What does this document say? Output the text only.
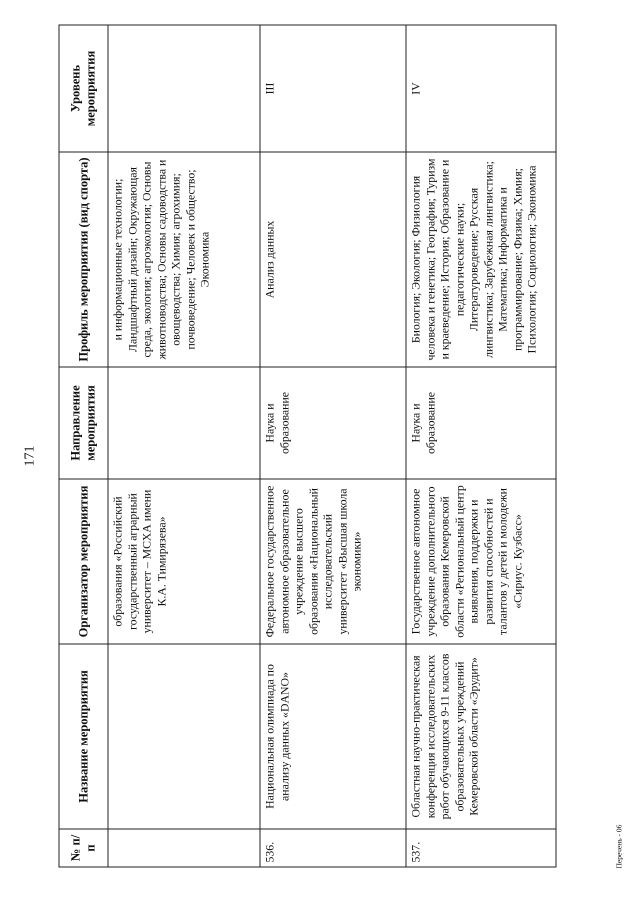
171
№ п/п	Название мероприятия	Организатор мероприятия	Направление мероприятия	Профиль мероприятия (вид спорта)	Уровень мероприятия
		образования «Российский государственный аграрный университет – МСХА имени К.А. Тимирязева»		и информационные технологии; Ландшафтный дизайн; Окружающая среда, экология; агроэкология; Основы животноводства; Основы садоводства и овощеводства; Химия; агрохимия; почвоведение; Человек и общество; Экономика	
536.	Национальная олимпиада по анализу данных «DANO»	Федеральное государственное автономное образовательное учреждение высшего образования «Национальный исследовательский университет «Высшая школа экономики»	Наука и образование	Анализ данных	III
537.	Областная научно-практическая конференция исследовательских работ обучающихся 9-11 классов образовательных учреждений Кемеровской области «Эрудит»	Государственное автономное учреждение дополнительного образования Кемеровской области «Региональный центр выявления, поддержки и развития способностей и талантов у детей и молодежи «Сириус. Кузбасс»	Наука и образование	Биология; Экология; Физиология человека и генетика; География; Туризм и краеведение; История; Образование и педагогические науки; Литературоведение; Русская лингвистика; Зарубежная лингвистика; Математика; Информатика и программирование; Физика; Химия; Психология; Социология; Экономика	IV
Перечень - 06
